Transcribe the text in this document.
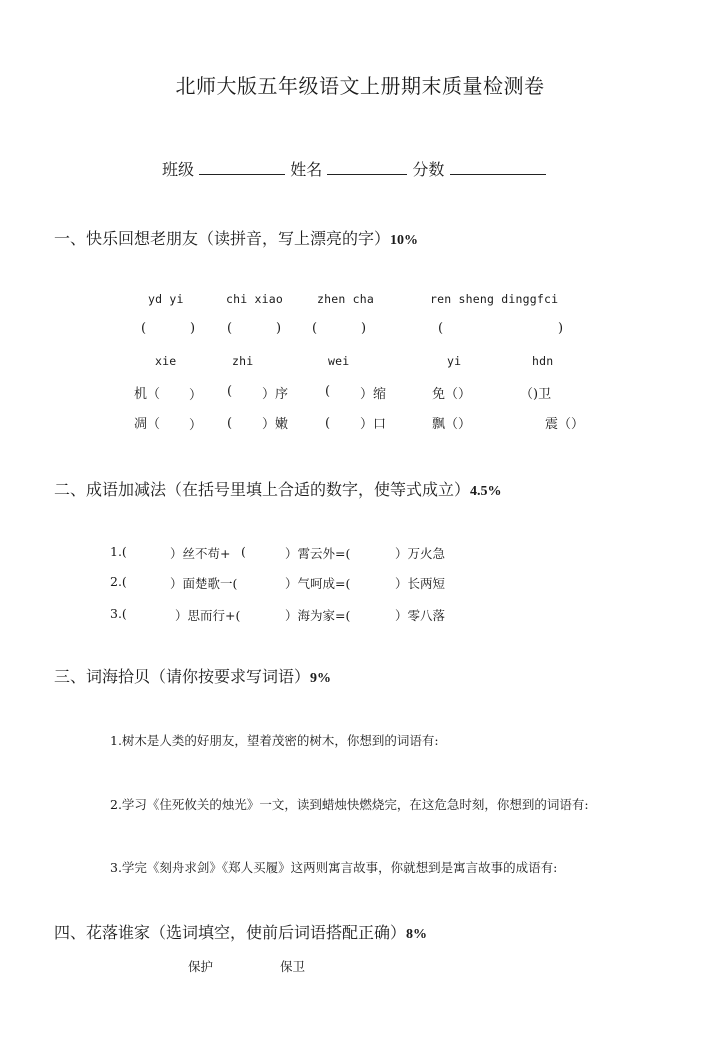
北师大版五年级语文上册期末质量检测卷
班级	姓名	分数
一、快乐回想老朋友（读拼音，写上漂亮的字）10%
yd yi	chi xiao	zhen cha	ren sheng dinggfci
(	) (	) (	)	(	)
xie	zhi	wei	yi	hdn
机（ ） ( ）序	( ）缩	免（）	（)卫
凋（ ） ( ）嫩	( ）口	飘（）	震（）
二、成语加减法（在括号里填上合适的数字，使等式成立）4.5%
1.(	）丝不苟+ (	）霄云外=(	）万火急
2.(	）面楚歌一(	）气呵成=(	）长两短
3.(	）思而行+(	）海为家=(	）零八落
三、词海拾贝（请你按要求写词语）9%
1.树木是人类的好朋友，望着茂密的树木，你想到的词语有:
2.学习《住死攸关的烛光》一文，读到蜡烛快燃烧完，在这危急时刻，你想到的词语有:
3.学完《刻舟求剑》《郑人买履》这两则寓言故事，你就想到是寓言故事的成语有:
四、花落谁家（选词填空，使前后词语搭配正确）8%
保护	保卫
